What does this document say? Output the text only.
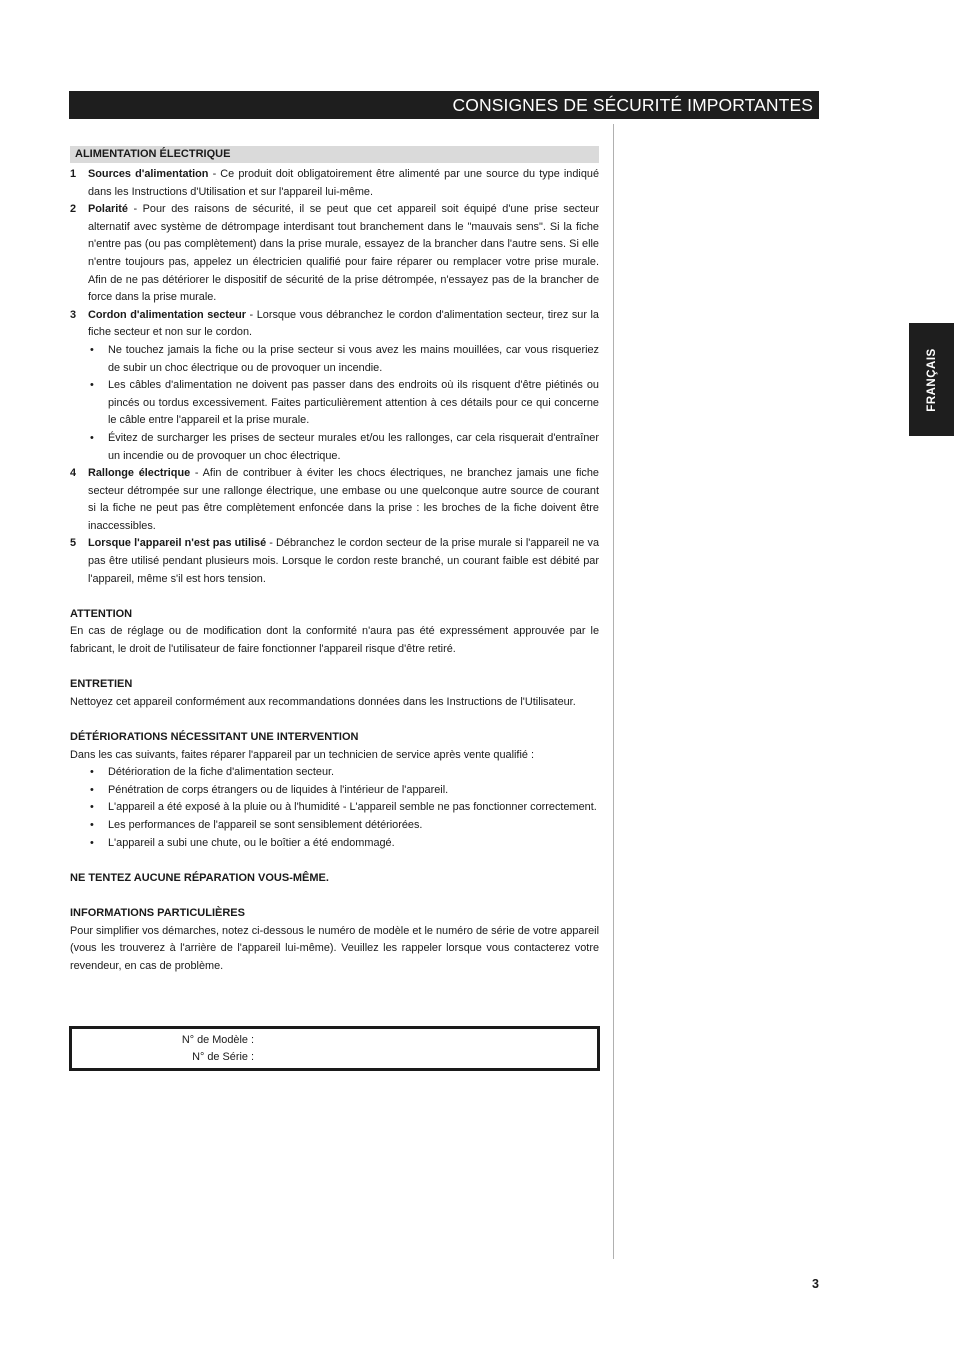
CONSIGNES DE SÉCURITÉ IMPORTANTES
FRANÇAIS
ALIMENTATION ÉLECTRIQUE
1 Sources d'alimentation - Ce produit doit obligatoirement être alimenté par une source du type indiqué dans les Instructions d'Utilisation et sur l'appareil lui-même.
2 Polarité - Pour des raisons de sécurité, il se peut que cet appareil soit équipé d'une prise secteur alternatif avec système de détrompage interdisant tout branchement dans le "mauvais sens". Si la fiche n'entre pas (ou pas complètement) dans la prise murale, essayez de la brancher dans l'autre sens. Si elle n'entre toujours pas, appelez un électricien qualifié pour faire réparer ou remplacer votre prise murale. Afin de ne pas détériorer le dispositif de sécurité de la prise détrompée, n'essayez pas de la brancher de force dans la prise murale.
3 Cordon d'alimentation secteur - Lorsque vous débranchez le cordon d'alimentation secteur, tirez sur la fiche secteur et non sur le cordon.
• Ne touchez jamais la fiche ou la prise secteur si vous avez les mains mouillées, car vous risqueriez de subir un choc électrique ou de provoquer un incendie.
• Les câbles d'alimentation ne doivent pas passer dans des endroits où ils risquent d'être piétinés ou pincés ou tordus excessivement. Faites particulièrement attention à ces détails pour ce qui concerne le câble entre l'appareil et la prise murale.
• Évitez de surcharger les prises de secteur murales et/ou les rallonges, car cela risquerait d'entraîner un incendie ou de provoquer un choc électrique.
4 Rallonge électrique - Afin de contribuer à éviter les chocs électriques, ne branchez jamais une fiche secteur détrompée sur une rallonge électrique, une embase ou une quelconque autre source de courant si la fiche ne peut pas être complètement enfoncée dans la prise : les broches de la fiche doivent être inaccessibles.
5 Lorsque l'appareil n'est pas utilisé - Débranchez le cordon secteur de la prise murale si l'appareil ne va pas être utilisé pendant plusieurs mois. Lorsque le cordon reste branché, un courant faible est débité par l'appareil, même s'il est hors tension.
ATTENTION

En cas de réglage ou de modification dont la conformité n'aura pas été expressément approuvée par le fabricant, le droit de l'utilisateur de faire fonctionner l'appareil risque d'être retiré.

ENTRETIEN

Nettoyez cet appareil conformément aux recommandations données dans les Instructions de l'Utilisateur.

DÉTÉRIORATIONS NÉCESSITANT UNE INTERVENTION

Dans les cas suivants, faites réparer l'appareil par un technicien de service après vente qualifié :

• Détérioration de la fiche d'alimentation secteur.
• Pénétration de corps étrangers ou de liquides à l'intérieur de l'appareil.
• L'appareil a été exposé à la pluie ou à l'humidité - L'appareil semble ne pas fonctionner correctement.
• Les performances de l'appareil se sont sensiblement détériorées.
• L'appareil a subi une chute, ou le boîtier a été endommagé.
NE TENTEZ AUCUNE RÉPARATION VOUS-MÊME.
INFORMATIONS PARTICULIÈRES

Pour simplifier vos démarches, notez ci-dessous le numéro de modèle et le numéro de série de votre appareil (vous les trouverez à l'arrière de l'appareil lui-même). Veuillez les rappeler lorsque vous contacterez votre revendeur, en cas de problème.

N° de Modèle :
N° de Série :
3
